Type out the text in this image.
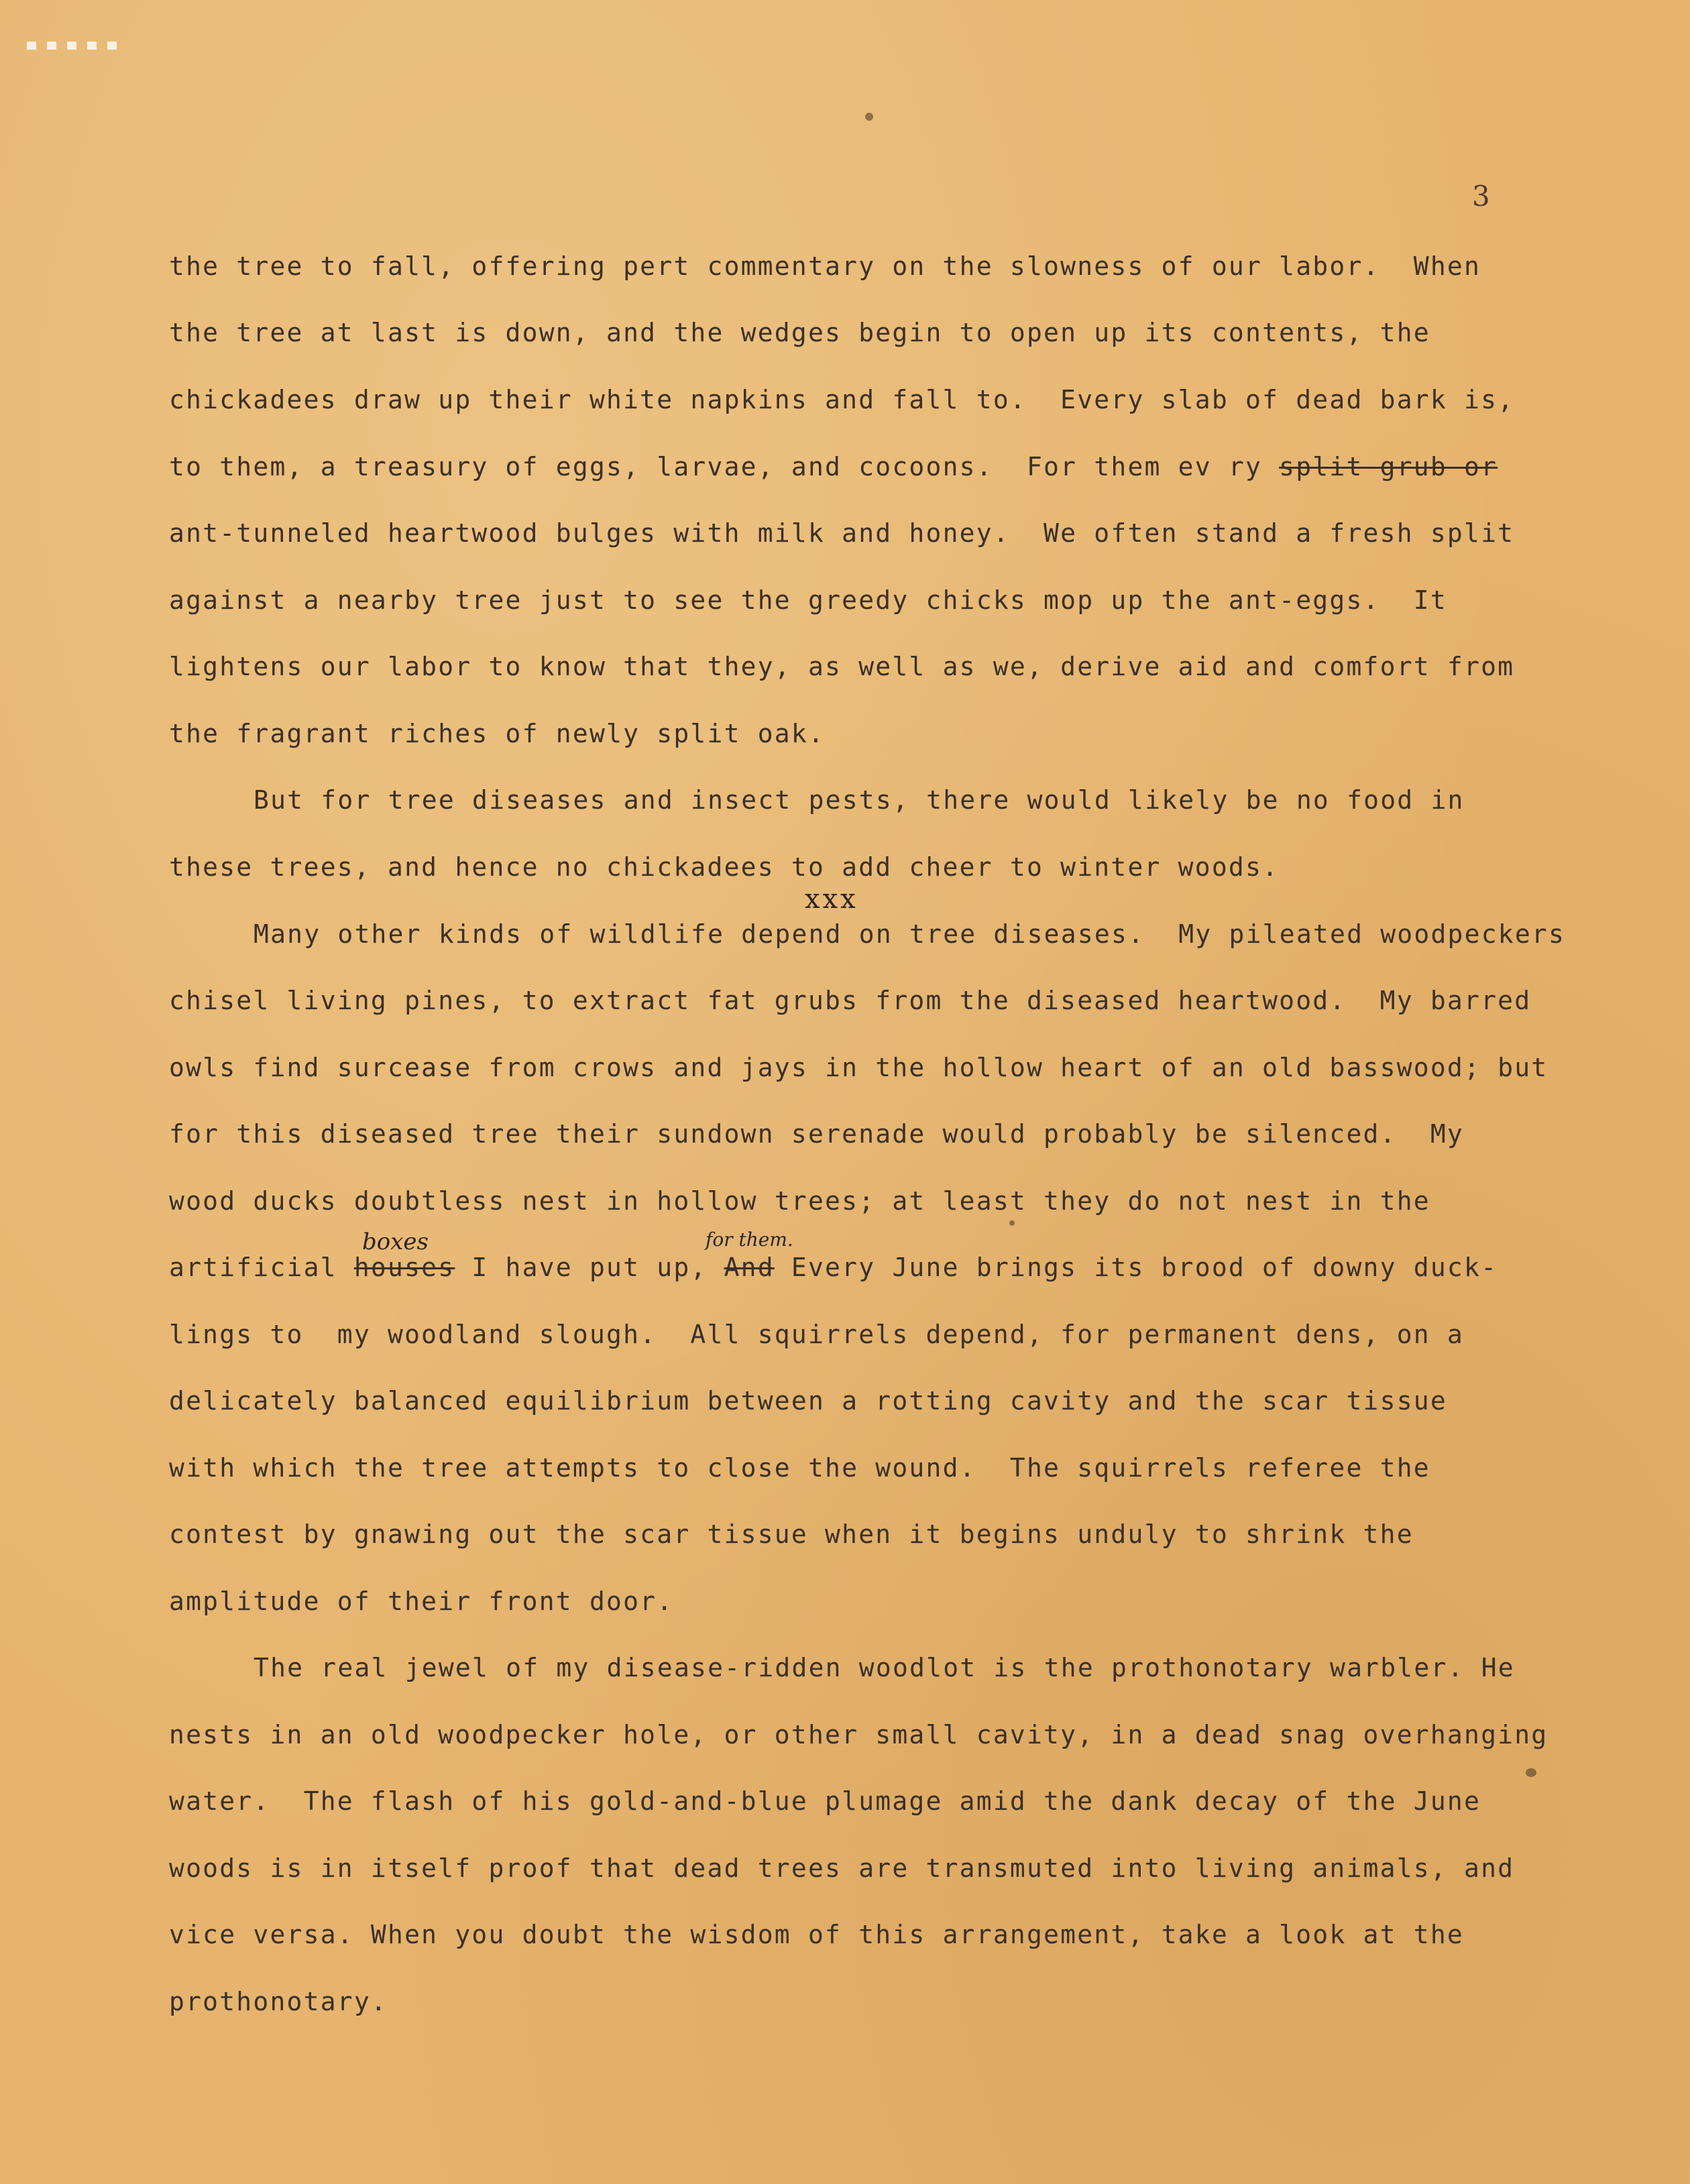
3
the tree to fall, offering pert commentary on the slowness of our labor.  When
the tree at last is down, and the wedges begin to open up its contents, the
chickadees draw up their white napkins and fall to.  Every slab of dead bark is,
to them, a treasury of eggs, larvae, and cocoons.  For them ev ry split grub or
ant-tunneled heartwood bulges with milk and honey.  We often stand a fresh split
against a nearby tree just to see the greedy chicks mop up the ant-eggs.  It
lightens our labor to know that they, as well as we, derive aid and comfort from
the fragrant riches of newly split oak.
But for tree diseases and insect pests, there would likely be no food in
these trees, and hence no chickadees to add cheer to winter woods.
xxx
Many other kinds of wildlife depend on tree diseases.  My pileated woodpeckers
chisel living pines, to extract fat grubs from the diseased heartwood.  My barred
owls find surcease from crows and jays in the hollow heart of an old basswood; but
for this diseased tree their sundown serenade would probably be silenced.  My
wood ducks doubtless nest in hollow trees; at least they do not nest in the
boxes	for them.
artificial houses I have put up, And Every June brings its brood of downy duck-
lings to  my woodland slough.  All squirrels depend, for permanent dens, on a
delicately balanced equilibrium between a rotting cavity and the scar tissue
with which the tree attempts to close the wound.  The squirrels referee the
contest by gnawing out the scar tissue when it begins unduly to shrink the
amplitude of their front door.
The real jewel of my disease-ridden woodlot is the prothonotary warbler. He
nests in an old woodpecker hole, or other small cavity, in a dead snag overhanging
water.  The flash of his gold-and-blue plumage amid the dank decay of the June
woods is in itself proof that dead trees are transmuted into living animals, and
vice versa. When you doubt the wisdom of this arrangement, take a look at the
prothonotary.
